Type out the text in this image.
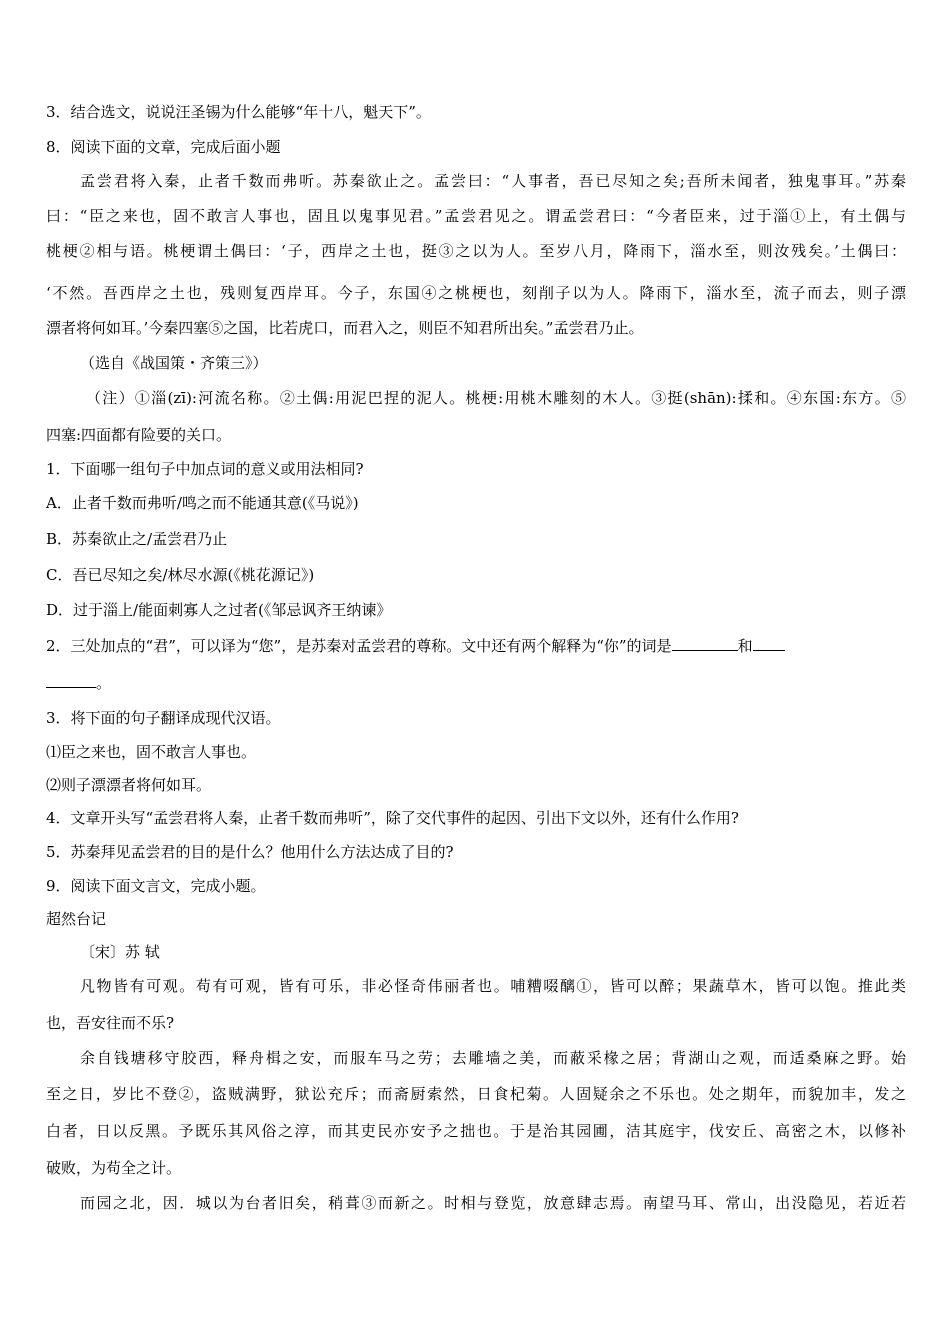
3．结合选文，说说汪圣锡为什么能够“年十八，魁天下”。

8．阅读下面的文章，完成后面小题

孟尝君将入秦，止者千数而弗听。苏秦欲止之。孟尝曰：“人事者，吾已尽知之矣;吾所未闻者，独鬼事耳。”苏秦

曰：“臣之来也，固不敢言人事也，固且以鬼事见君。”孟尝君见之。谓孟尝君曰：“今者臣来，过于淄①上，有土偶与

桃梗②相与语。桃梗谓土偶曰：‘子，西岸之土也，挺③之以为人。至岁八月，降雨下，淄水至，则汝残矣。’土偶曰：

‘不然。吾西岸之土也，残则复西岸耳。今子，东国④之桃梗也，刻削子以为人。降雨下，淄水至，流子而去，则子漂

漂者将何如耳。’今秦四塞⑤之国，比若虎口，而君入之，则臣不知君所出矣。”孟尝君乃止。

（选自《战国策・齐策三》）

（注）①淄(zī):河流名称。②土偶:用泥巴捏的泥人。桃梗:用桃木雕刻的木人。③挺(shān):揉和。④东国:东方。⑤

四塞:四面都有险要的关口。

1．下面哪一组句子中加点词的意义或用法相同?

A．止者千数而弗听/鸣之而不能通其意(《马说》)

B．苏秦欲止之/孟尝君乃止

C．吾已尽知之矣/林尽水源(《桃花源记》)

D．过于淄上/能面刺寡人之过者(《邹忌讽齐王纳谏》

2．三处加点的“君”，可以译为“您”，是苏秦对孟尝君的尊称。文中还有两个解释为“你”的词是	和

。

3．将下面的句子翻译成现代汉语。

⑴臣之来也，固不敢言人事也。

⑵则子漂漂者将何如耳。

4．文章开头写“孟尝君将人秦，止者千数而弗听”，除了交代事件的起因、引出下文以外，还有什么作用?

5．苏秦拜见孟尝君的目的是什么？他用什么方法达成了目的?

9．阅读下面文言文，完成小题。

超然台记

〔宋〕苏 轼

凡物皆有可观。苟有可观，皆有可乐，非必怪奇伟丽者也。哺糟啜醨①，皆可以醉；果蔬草木，皆可以饱。推此类

也，吾安往而不乐?

余自钱塘移守胶西，释舟楫之安，而服车马之劳；去雕墙之美，而蔽采椽之居；背湖山之观，而适桑麻之野。始

至之日，岁比不登②，盗贼满野，狱讼充斥；而斋厨索然，日食杞菊。人固疑余之不乐也。处之期年，而貌加丰，发之

白者，日以反黑。予既乐其风俗之淳，而其吏民亦安予之拙也。于是治其园圃，洁其庭宇，伐安丘、高密之木，以修补

破败，为苟全之计。

而园之北，因．城以为台者旧矣，稍葺③而新之。时相与登览，放意肆志焉。南望马耳、常山，出没隐见，若近若
